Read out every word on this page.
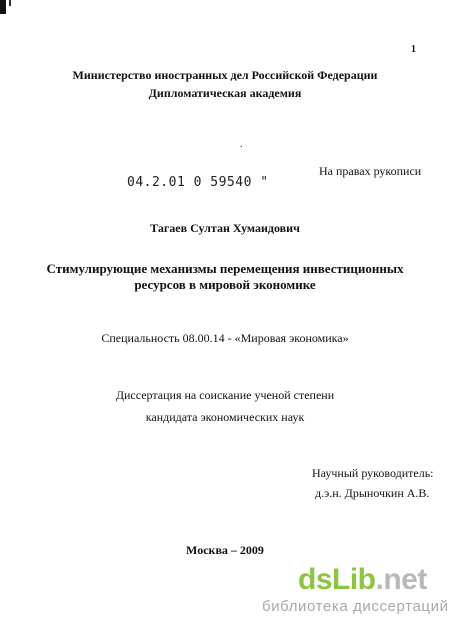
1
Министерство иностранных дел Российской Федерации
Дипломатическая академия
.
На правах рукописи
04.2.01 0 59540 "
Тагаев Султан Хумаидович
Стимулирующие механизмы перемещения инвестиционных
ресурсов в мировой экономике
Специальность 08.00.14 - «Мировая экономика»
Диссертация на соискание ученой степени
кандидата экономических наук
Научный руководитель:
д.э.н. Дрыночкин А.В.
Москва – 2009
dsLib.net
библиотека диссертаций
